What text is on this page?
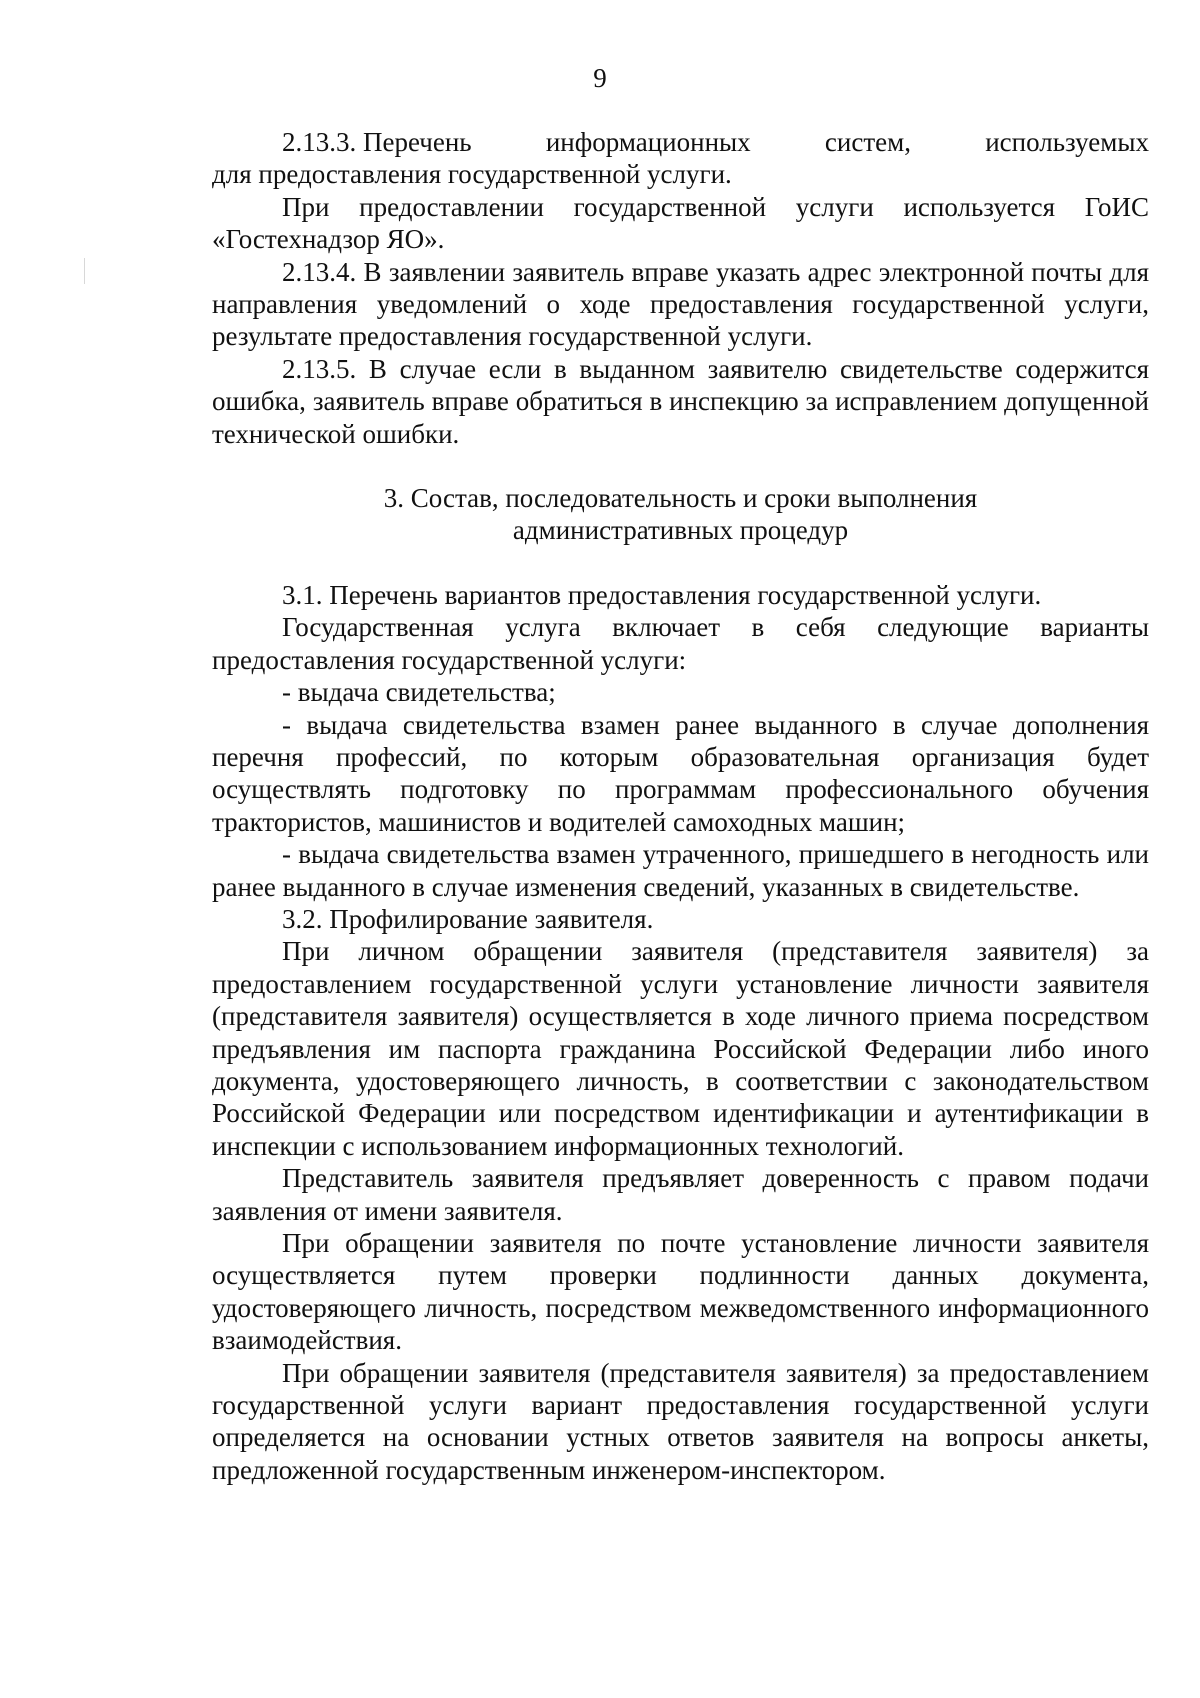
9

2.13.3. Перечень	информационных	систем,	используемых

для предоставления государственной услуги.

При предоставлении государственной услуги используется ГоИС «Гостехнадзор ЯО».

2.13.4. В заявлении заявитель вправе указать адрес электронной почты для направления уведомлений о ходе предоставления государственной услуги, результате предоставления государственной услуги.

2.13.5. В случае если в выданном заявителю свидетельстве содержится ошибка, заявитель вправе обратиться в инспекцию за исправлением допущенной технической ошибки.

3. Состав, последовательность и сроки выполнения

административных процедур

3.1. Перечень вариантов предоставления государственной услуги.

Государственная услуга включает в себя следующие варианты предоставления государственной услуги:

- выдача свидетельства;

- выдача свидетельства взамен ранее выданного в случае дополнения перечня профессий, по которым образовательная организация будет осуществлять подготовку по программам профессионального обучения трактористов, машинистов и водителей самоходных машин;

- выдача свидетельства взамен утраченного, пришедшего в негодность или ранее выданного в случае изменения сведений, указанных в свидетельстве.

3.2. Профилирование заявителя.

При личном обращении заявителя (представителя заявителя) за предоставлением государственной услуги установление личности заявителя (представителя заявителя) осуществляется в ходе личного приема посредством предъявления им паспорта гражданина Российской Федерации либо иного документа, удостоверяющего личность, в соответствии с законодательством Российской Федерации или посредством идентификации и аутентификации в инспекции с использованием информационных технологий.

Представитель заявителя предъявляет доверенность с правом подачи заявления от имени заявителя.

При обращении заявителя по почте установление личности заявителя осуществляется путем проверки подлинности данных документа, удостоверяющего личность, посредством межведомственного информационного взаимодействия.

При обращении заявителя (представителя заявителя) за предоставлением государственной услуги вариант предоставления государственной услуги определяется на основании устных ответов заявителя на вопросы анкеты, предложенной государственным инженером-инспектором.
